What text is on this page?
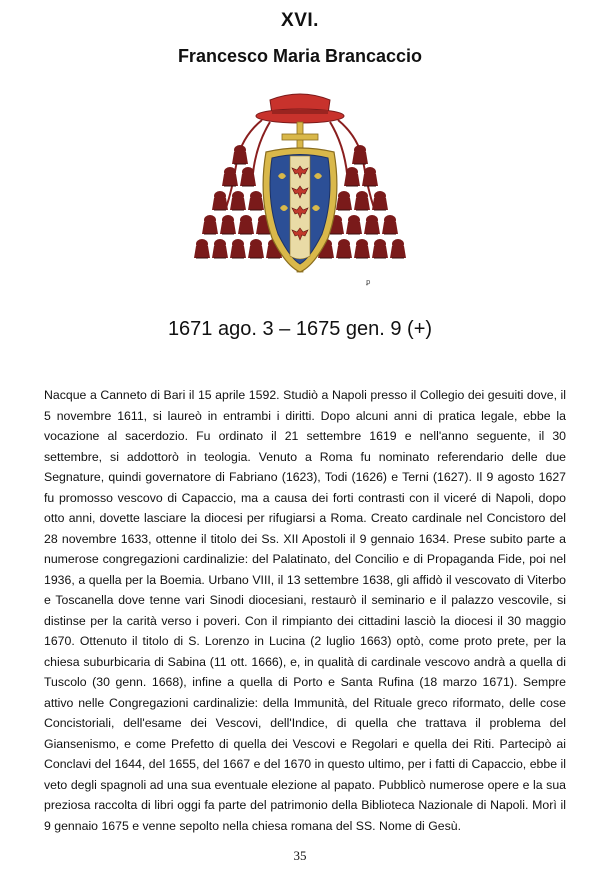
XVI.
Francesco Maria Brancaccio
ꝑ
1671 ago. 3 – 1675 gen. 9 (+)

Nacque a Canneto di Bari il 15 aprile 1592. Studiò a Napoli presso il Collegio dei gesuiti dove, il 5 novembre 1611, si laureò in entrambi i diritti. Dopo alcuni anni di pratica legale, ebbe la vocazione al sacerdozio. Fu ordinato il 21 settembre 1619 e nell'anno seguente, il 30 settembre, si addottorò in teologia. Venuto a Roma fu nominato referendario delle due Segnature, quindi governatore di Fabriano (1623), Todi (1626) e Terni (1627). Il 9 agosto 1627 fu promosso vescovo di Capaccio, ma a causa dei forti contrasti con il viceré di Napoli, dopo otto anni, dovette lasciare la diocesi per rifugiarsi a Roma. Creato cardinale nel Concistoro del 28 novembre 1633, ottenne il titolo dei Ss. XII Apostoli il 9 gennaio 1634. Prese subito parte a numerose congregazioni cardinalizie: del Palatinato, del Concilio e di Propaganda Fide, poi nel 1936, a quella per la Boemia. Urbano VIII, il 13 settembre 1638, gli affidò il vescovato di Viterbo e Toscanella dove tenne vari Sinodi diocesiani, restaurò il seminario e il palazzo vescovile, si distinse per la carità verso i poveri. Con il rimpianto dei cittadini lasciò la diocesi il 30 maggio 1670. Ottenuto il titolo di S. Lorenzo in Lucina (2 luglio 1663) optò, come proto prete, per la chiesa suburbicaria di Sabina (11 ott. 1666), e, in qualità di cardinale vescovo andrà a quella di Tuscolo (30 genn. 1668), infine a quella di Porto e Santa Rufina (18 marzo 1671). Sempre attivo nelle Congregazioni cardinalizie: della Immunità, del Rituale greco riformato, delle cose Concistoriali, dell'esame dei Vescovi, dell'Indice, di quella che trattava il problema del Giansenismo, e come Prefetto di quella dei Vescovi e Regolari e quella dei Riti. Partecipò ai Conclavi del 1644, del 1655, del 1667 e del 1670 in questo ultimo, per i fatti di Capaccio, ebbe il veto degli spagnoli ad una sua eventuale elezione al papato. Pubblicò numerose opere e la sua preziosa raccolta di libri oggi fa parte del patrimonio della Biblioteca Nazionale di Napoli. Morì il 9 gennaio 1675 e venne sepolto nella chiesa romana del SS. Nome di Gesù.

35
